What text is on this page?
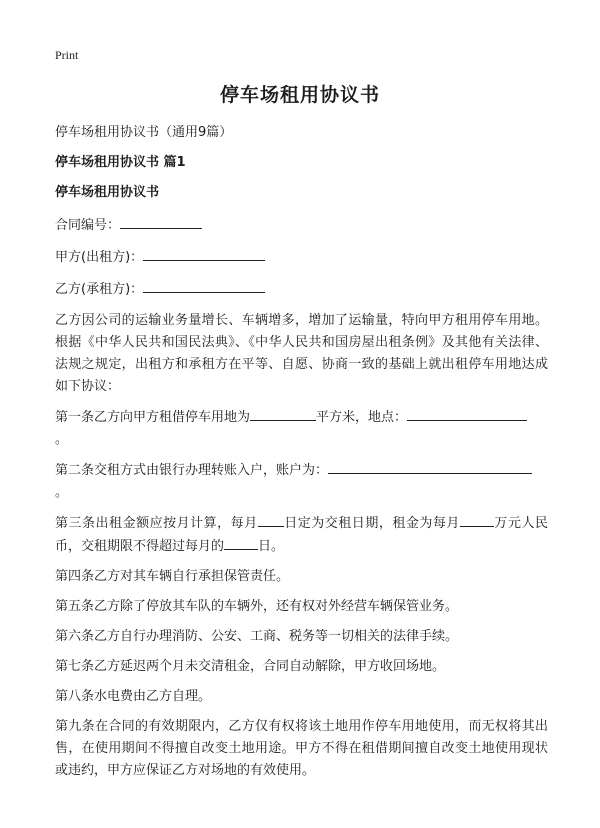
Print
停车场租用协议书

停车场租用协议书（通用9篇）

停车场租用协议书 篇1

停车场租用协议书

合同编号：

甲方(出租方)：

乙方(承租方)：

乙方因公司的运输业务量增长、车辆增多，增加了运输量，特向甲方租用停车用地。根据《中华人民共和国民法典》、《中华人民共和国房屋出租条例》及其他有关法律、法规之规定，出租方和承租方在平等、自愿、协商一致的基础上就出租停车用地达成如下协议：

第一条乙方向甲方租借停车用地为	平方米，地点：
。

第二条交租方式由银行办理转账入户，账户为：
。

第三条出租金额应按月计算，每月 日定为交租日期，租金为每月	万元人民币，交租期限不得超过每月的	日。

第四条乙方对其车辆自行承担保管责任。

第五条乙方除了停放其车队的车辆外，还有权对外经营车辆保管业务。

第六条乙方自行办理消防、公安、工商、税务等一切相关的法律手续。

第七条乙方延迟两个月未交清租金，合同自动解除，甲方收回场地。

第八条水电费由乙方自理。

第九条在合同的有效期限内，乙方仅有权将该土地用作停车用地使用，而无权将其出售，在使用期间不得擅自改变土地用途。甲方不得在租借期间擅自改变土地使用现状或违约，甲方应保证乙方对场地的有效使用。
